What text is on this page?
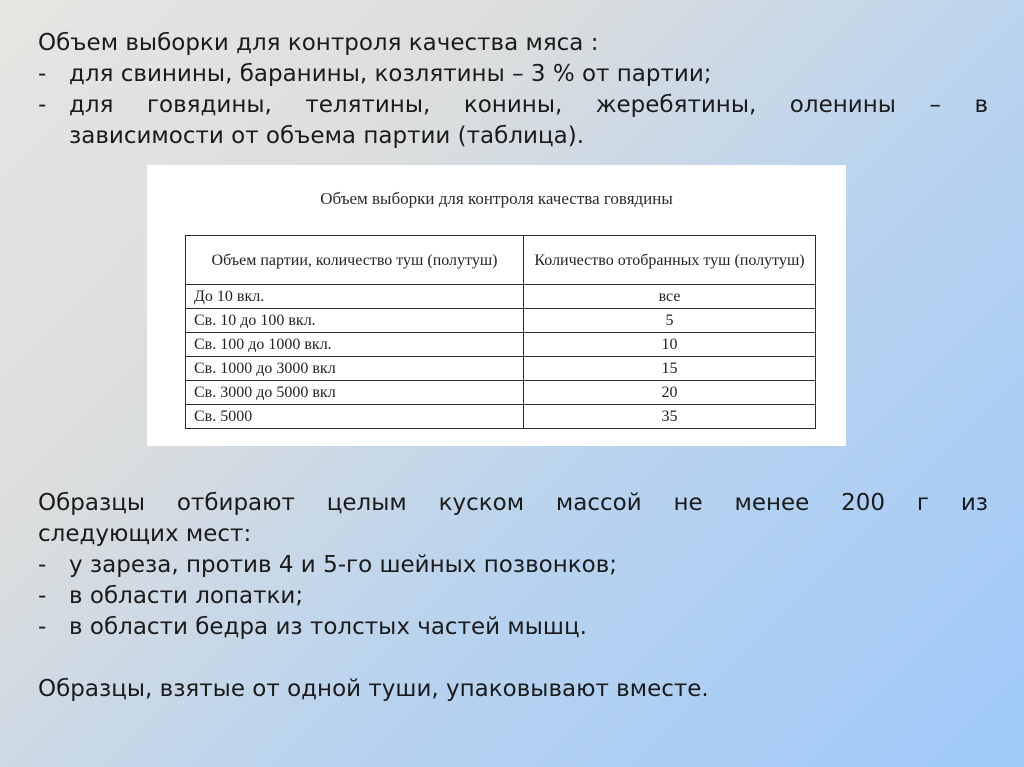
Объем выборки для контроля качества мяса :
- для свинины, баранины, козлятины – 3 % от партии;
- для говядины, телятины, конины, жеребятины, оленины – в
зависимости от объема партии (таблица).
Объем выборки для контроля качества говядины
Объем партии, количество туш (полутуш)	Количество отобранных туш (полутуш)
До 10 вкл.	все
Св. 10 до 100 вкл.	5
Св. 100 до 1000 вкл.	10
Св. 1000 до 3000 вкл	15
Св. 3000 до 5000 вкл	20
Св. 5000	35
Образцы отбирают целым куском массой не менее 200 г из
следующих мест:
- у зареза, против 4 и 5-го шейных позвонков;
- в области лопатки;
- в области бедра из толстых частей мышц.
Образцы, взятые от одной туши, упаковывают вместе.
